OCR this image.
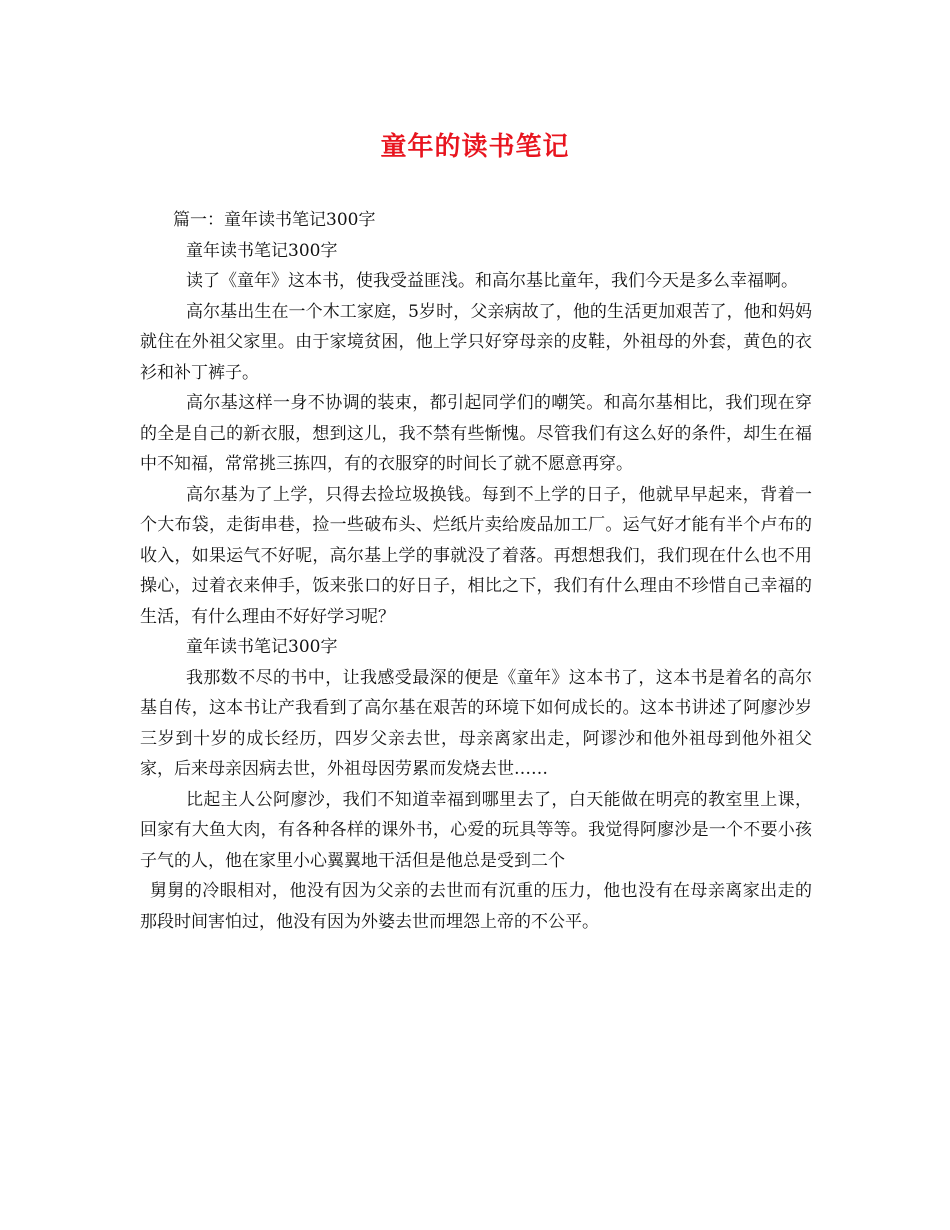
童年的读书笔记

篇一：童年读书笔记300字

童年读书笔记300字

读了《童年》这本书，使我受益匪浅。和高尔基比童年，我们今天是多么幸福啊。

高尔基出生在一个木工家庭，5岁时，父亲病故了，他的生活更加艰苦了，他和妈妈就住在外祖父家里。由于家境贫困，他上学只好穿母亲的皮鞋，外祖母的外套，黄色的衣衫和补丁裤子。

高尔基这样一身不协调的装束，都引起同学们的嘲笑。和高尔基相比，我们现在穿的全是自己的新衣服，想到这儿，我不禁有些惭愧。尽管我们有这么好的条件，却生在福中不知福，常常挑三拣四，有的衣服穿的时间长了就不愿意再穿。

高尔基为了上学，只得去捡垃圾换钱。每到不上学的日子，他就早早起来，背着一个大布袋，走街串巷，捡一些破布头、烂纸片卖给废品加工厂。运气好才能有半个卢布的收入，如果运气不好呢，高尔基上学的事就没了着落。再想想我们，我们现在什么也不用操心，过着衣来伸手，饭来张口的好日子，相比之下，我们有什么理由不珍惜自己幸福的生活，有什么理由不好好学习呢？

童年读书笔记300字

我那数不尽的书中，让我感受最深的便是《童年》这本书了，这本书是着名的高尔基自传，这本书让产我看到了高尔基在艰苦的环境下如何成长的。这本书讲述了阿廖沙岁三岁到十岁的成长经历，四岁父亲去世，母亲离家出走，阿谬沙和他外祖母到他外祖父家，后来母亲因病去世，外祖母因劳累而发烧去世……

比起主人公阿廖沙，我们不知道幸福到哪里去了，白天能做在明亮的教室里上课，回家有大鱼大肉，有各种各样的课外书，心爱的玩具等等。我觉得阿廖沙是一个不要小孩子气的人，他在家里小心翼翼地干活但是他总是受到二个

舅舅的冷眼相对，他没有因为父亲的去世而有沉重的压力，他也没有在母亲离家出走的那段时间害怕过，他没有因为外婆去世而埋怨上帝的不公平。
